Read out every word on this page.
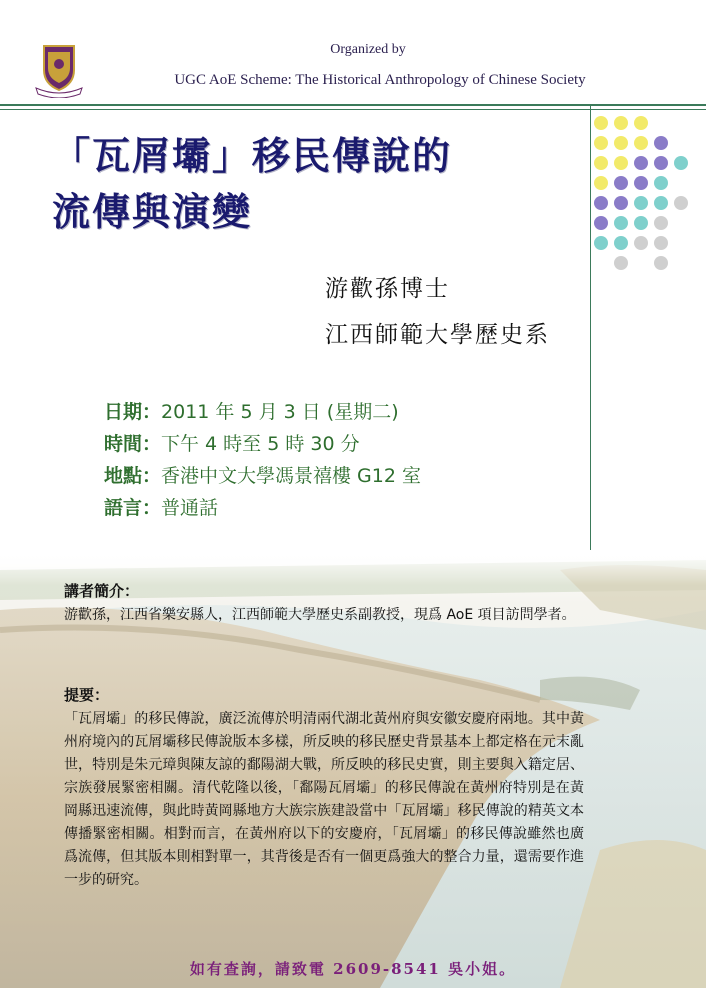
Organized by
UGC AoE Scheme: The Historical Anthropology of Chinese Society
「瓦屑壩」移民傳說的
流傳與演變
游歡孫博士
江西師範大學歷史系
日期：2011 年 5 月 3 日 (星期二)
時間：下午 4 時至 5 時 30 分
地點：香港中文大學馮景禧樓 G12 室
語言：普通話
講者簡介：

游歡孫，江西省樂安縣人，江西師範大學歷史系副教授，現爲 AoE 項目訪問學者。

提要：

「瓦屑壩」的移民傳說，廣泛流傳於明清兩代湖北黃州府與安徽安慶府兩地。其中黃州府境內的瓦屑壩移民傳說版本多樣，所反映的移民歷史背景基本上都定格在元末亂世，特別是朱元璋與陳友諒的鄱陽湖大戰，所反映的移民史實，則主要與入籍定居、宗族發展緊密相關。清代乾隆以後，「鄱陽瓦屑壩」的移民傳說在黃州府特別是在黃岡縣迅速流傳，與此時黃岡縣地方大族宗族建設當中「瓦屑壩」移民傳說的精英文本傳播緊密相關。相對而言，在黃州府以下的安慶府，「瓦屑壩」的移民傳說雖然也廣爲流傳，但其版本則相對單一，其背後是否有一個更爲強大的整合力量，還需要作進一步的研究。

如有查詢，請致電 2609-8541 吳小姐。
